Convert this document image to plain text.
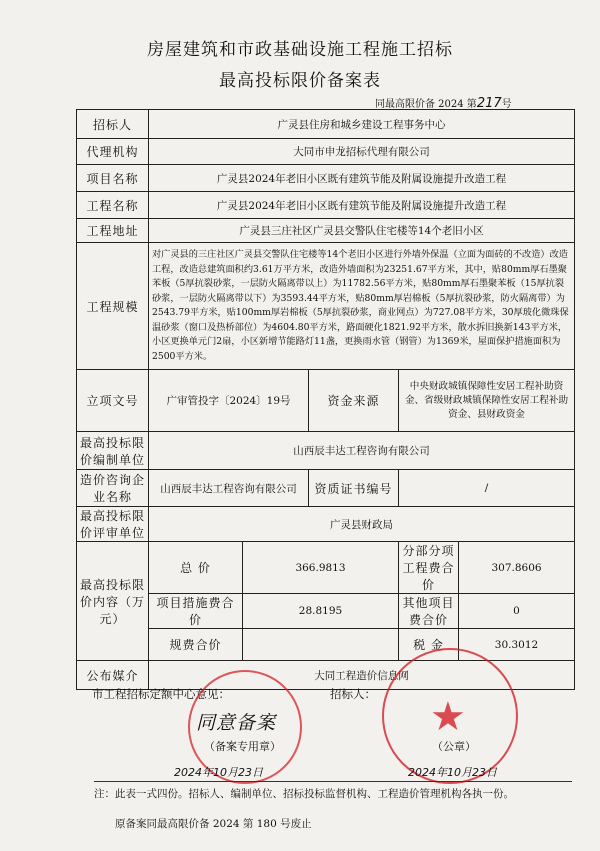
房屋建筑和市政基础设施工程施工招标
最高投标限价备案表
同最高限价备 2024 第217号
招标人	广灵县住房和城乡建设工程事务中心				
代理机构	大同市申龙招标代理有限公司				
项目名称	广灵县2024年老旧小区既有建筑节能及附属设施提升改造工程				
工程名称	广灵县2024年老旧小区既有建筑节能及附属设施提升改造工程				
工程地址	广灵县三庄社区广灵县交警队住宅楼等14个老旧小区				
工程规模	对广灵县的三庄社区广灵县交警队住宅楼等14个老旧小区进行外墙外保温（立面为面砖的不改造）改造工程，改造总建筑面积约3.61万平方米，改造外墙面积为23251.67平方米，其中，贴80mm厚石墨聚苯板（5厚抗裂砂浆，一层防火隔离带以上）为11782.56平方米，贴80mm厚石墨聚苯板（15厚抗裂砂浆，一层防火隔离带以下）为3593.44平方米，贴80mm厚岩棉板（5厚抗裂砂浆，防火隔离带）为2543.79平方米，贴100mm厚岩棉板（5厚抗裂砂浆，商业网点）为727.08平方米，30厚玻化微珠保温砂浆（窗口及热桥部位）为4604.80平方米，路面硬化1821.92平方米，散水拆旧换新143平方米，小区更换单元门2扇，小区新增节能路灯11盏，更换雨水管（钢管）为1369米，屋面保护措施面积为2500平方米。				
立项文号	广审管投字〔2024〕19号		资金来源	中央财政城镇保障性安居工程补助资金、省级财政城镇保障性安居工程补助资金、县财政资金	
最高投标限价编制单位	山西辰丰达工程咨询有限公司				
造价咨询企业名称	山西辰丰达工程咨询有限公司		资质证书编号	/	
最高投标限价评审单位	广灵县财政局				
最高投标限价内容（万元）	总 价	366.9813		分部分项工程费合价	307.8606
	项目措施费合价	28.8195		其他项目费合价	0
	规费合价			税 金	30.3012
公布媒介	大同工程造价信息网				
市工程招标定额中心意见：	招标人： ★
同意备案
（备案专用章）	（公章）
2024年10月23日	2024年10月23日
注：此表一式四份。招标人、编制单位、招标投标监督机构、工程造价管理机构各执一份。
原备案同最高限价备 2024 第 180 号废止
